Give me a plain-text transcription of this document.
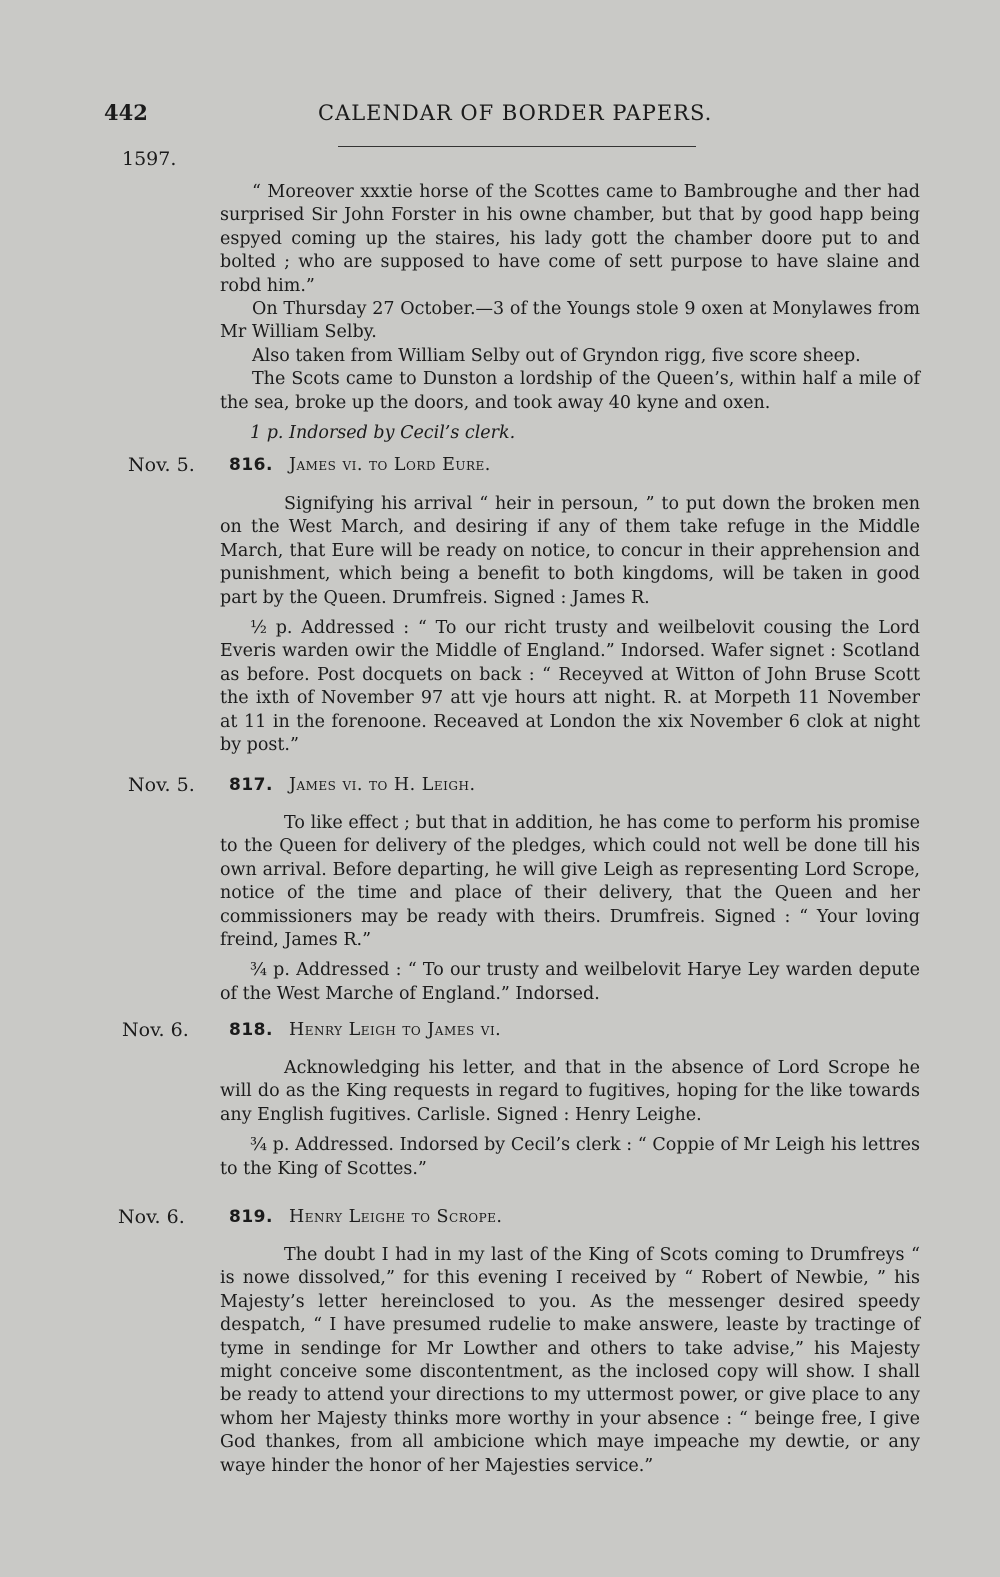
442	CALENDAR OF BORDER PAPERS.
1597.

“ Moreover xxxtie horse of the Scottes came to Bambroughe and ther had surprised Sir John Forster in his owne chamber, but that by good happ being espyed coming up the staires, his lady gott the chamber doore put to and bolted ; who are supposed to have come of sett purpose to have slaine and robd him.”

On Thursday 27 October.—3 of the Youngs stole 9 oxen at Monylawes from Mr William Selby.

Also taken from William Selby out of Gryndon rigg, five score sheep.

The Scots came to Dunston a lordship of the Queen’s, within half a mile of the sea, broke up the doors, and took away 40 kyne and oxen.

1 p. Indorsed by Cecil’s clerk.

Nov. 5. 816. James vi. to Lord Eure.

Signifying his arrival “ heir in persoun, ” to put down the broken men on the West March, and desiring if any of them take refuge in the Middle March, that Eure will be ready on notice, to concur in their apprehension and punishment, which being a benefit to both kingdoms, will be taken in good part by the Queen. Drumfreis. Signed : James R.

½ p. Addressed : “ To our richt trusty and weilbelovit cousing the Lord Everis warden owir the Middle of England.” Indorsed. Wafer signet : Scotland as before. Post docquets on back : “ Receyved at Witton of John Bruse Scott the ixth of November 97 att vje hours att night. R. at Morpeth 11 November at 11 in the forenoone. Receaved at London the xix November 6 clok at night by post.”

Nov. 5. 817. James vi. to H. Leigh.

To like effect ; but that in addition, he has come to perform his promise to the Queen for delivery of the pledges, which could not well be done till his own arrival. Before departing, he will give Leigh as representing Lord Scrope, notice of the time and place of their delivery, that the Queen and her commissioners may be ready with theirs. Drumfreis. Signed : “ Your loving freind, James R.”

¾ p. Addressed : “ To our trusty and weilbelovit Harye Ley warden depute of the West Marche of England.” Indorsed.

Nov. 6. 818. Henry Leigh to James vi.

Acknowledging his letter, and that in the absence of Lord Scrope he will do as the King requests in regard to fugitives, hoping for the like towards any English fugitives. Carlisle. Signed : Henry Leighe.

¾ p. Addressed. Indorsed by Cecil’s clerk : “ Coppie of Mr Leigh his lettres to the King of Scottes.”

Nov. 6.	819. Henry Leighe to Scrope.

The doubt I had in my last of the King of Scots coming to Drumfreys “ is nowe dissolved,” for this evening I received by “ Robert of Newbie, ” his Majesty’s letter hereinclosed to you. As the messenger desired speedy despatch, “ I have presumed rudelie to make answere, leaste by tractinge of tyme in sendinge for Mr Lowther and others to take advise,” his Majesty might conceive some discontentment, as the inclosed copy will show. I shall be ready to attend your directions to my uttermost power, or give place to any whom her Majesty thinks more worthy in your absence : “ beinge free, I give God thankes, from all ambicione which maye impeache my dewtie, or any waye hinder the honor of her Majesties service.”
